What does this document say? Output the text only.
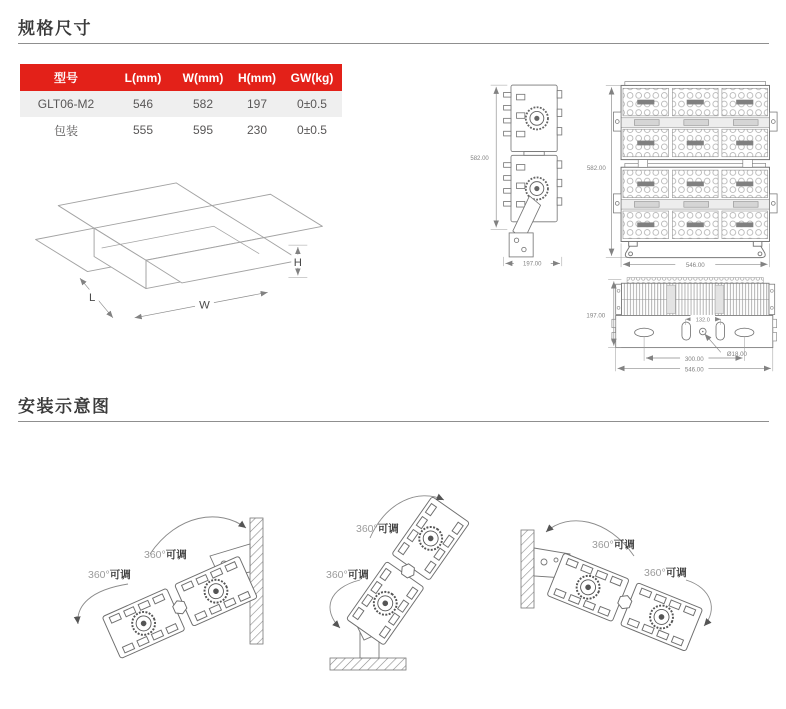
规格尺寸
型号	L(mm)	W(mm)	H(mm)	GW(kg)
GLT06-M2	546	582	197	0±0.5
包装	555	595	230	0±0.5
L
W
H
582.00
197.00
582.00
546.00
197.00
132.0
Ø18.00
300.00
546.00
安装示意图
360°可调
360°可调
360°可调
360°可调
360°可调
360°可调
